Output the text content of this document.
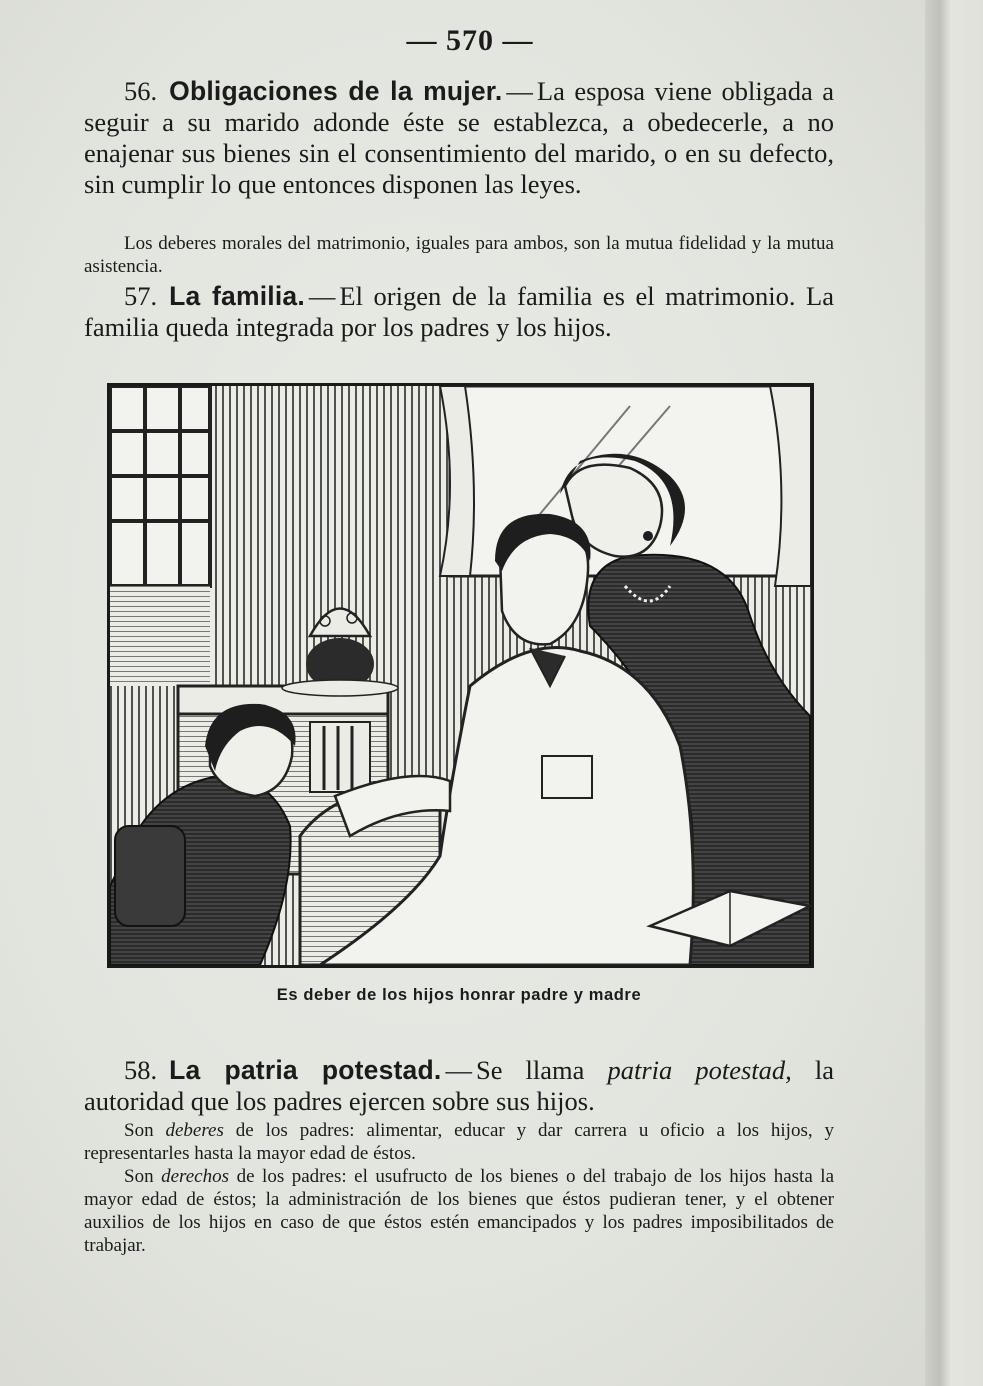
— 570 —

56. Obligaciones de la mujer. — La esposa viene obligada a seguir a su marido adonde éste se establezca, a obedecerle, a no enajenar sus bienes sin el consentimiento del marido, o en su defecto, sin cumplir lo que entonces disponen las leyes.

Los deberes morales del matrimonio, iguales para ambos, son la mutua fidelidad y la mutua asistencia.

57. La familia. — El origen de la familia es el matrimonio. La familia queda integrada por los padres y los hijos.

Es deber de los hijos honrar padre y madre

58. La patria potestad. — Se llama patria potestad, la autoridad que los padres ejercen sobre sus hijos.

Son deberes de los padres: alimentar, educar y dar carrera u oficio a los hijos, y representarles hasta la mayor edad de éstos.

Son derechos de los padres: el usufructo de los bienes o del trabajo de los hijos hasta la mayor edad de éstos; la administración de los bienes que éstos pudieran tener, y el obtener auxilios de los hijos en caso de que éstos estén emancipados y los padres imposibilitados de trabajar.
